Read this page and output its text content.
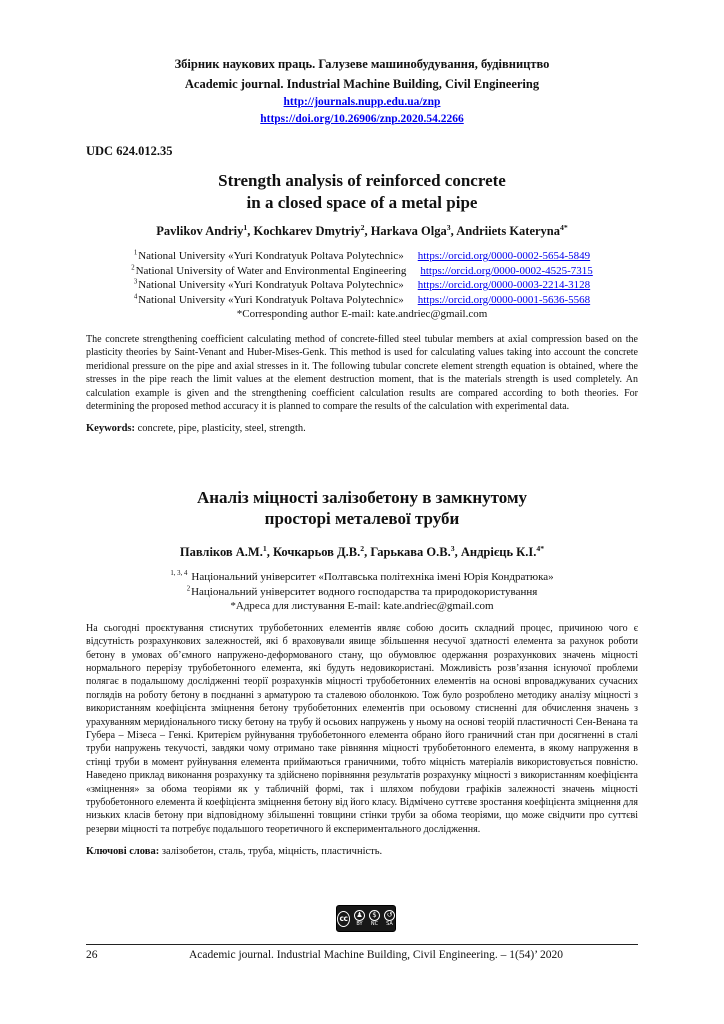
Збірник наукових праць. Галузеве машинобудування, будівництво

Academic journal. Industrial Machine Building, Civil Engineering

http://journals.nupp.edu.ua/znp
https://doi.org/10.26906/znp.2020.54.2266

UDC 624.012.35

Strength analysis of reinforced concrete
in a closed space of a metal pipe

Pavlikov Andriy$^1$, Kochkarev Dmytriy$^2$, Harkava Olga$^3$, Andriiets Kateryna$^{4*}$

$^1$National University «Yuri Kondratyuk Poltava Polytechnic» https://orcid.org/0000-0002-5654-5849
$^2$National University of Water and Environmental Engineering https://orcid.org/0000-0002-4525-7315
$^3$National University «Yuri Kondratyuk Poltava Polytechnic» https://orcid.org/0000-0003-2214-3128
$^4$National University «Yuri Kondratyuk Poltava Polytechnic» https://orcid.org/0000-0001-5636-5568

*Corresponding author E-mail: kate.andriec@gmail.com

The concrete strengthening coefficient calculating method of concrete-filled steel tubular members at axial compression based on the plasticity theories by Saint-Venant and Huber-Mises-Genk. This method is used for calculating values taking into account the concrete meridional pressure on the pipe and axial stresses in it. The following tubular concrete element strength equation is obtained, where the stresses in the pipe reach the limit values at the element destruction moment, that is the materials strength is used completely. An calculation example is given and the strengthening coefficient calculation results are compared according to both theories. For determining the proposed method accuracy it is planned to compare the results of the calculation with experimental data.

Keywords: concrete, pipe, plasticity, steel, strength.

Аналіз міцності залізобетону в замкнутому
просторі металевої труби

Павліков А.М.$^1$, Кочкарьов Д.В.$^2$, Гарькава О.В.$^3$, Андрієць К.І.$^{4*}$

$^{1, 3, 4}$ Національний університет «Полтавська політехніка імені Юрія Кондратюка»
$^2$Національний університет водного господарства та природокористування

*Адреса для листування E-mail: kate.andriec@gmail.com

На сьогодні проєктування стиснутих трубобетонних елементів являє собою досить складний процес, причиною чого є відсутність розрахункових залежностей, які б враховували явище збільшення несучої здатності елемента за рахунок роботи бетону в умовах об’ємного напружено-деформованого стану, що обумовлює одержання розрахункових значень міцності нормального перерізу трубобетонного елемента, які будуть недовикористані. Можливість розв’язання існуючої проблеми полягає в подальшому дослідженні теорії розрахунків міцності трубобетонних елементів на основі впроваджуваних сучасних поглядів на роботу бетону в поєднанні з арматурою та сталевою оболонкою. Тож було розроблено методику аналізу міцності з використанням коефіцієнта зміцнення бетону трубобетонних елементів при осьовому стисненні для обчислення значень з урахуванням меридіонального тиску бетону на трубу й осьових напружень у ньому на основі теорій пластичності Сен-Венана та Губера – Мізеса – Генкі. Критерієм руйнування трубобетонного елемента обрано його граничний стан при досягненні в сталі труби напружень текучості, завдяки чому отримано таке рівняння міцності трубобетонного елемента, в якому напруження в стінці труби в момент руйнування елемента приймаються граничними, тобто міцність матеріалів використовується повністю. Наведено приклад виконання розрахунку та здійснено порівняння результатів розрахунку міцності з використанням коефіцієнта «зміцнення» за обома теоріями як у табличній формі, так і шляхом побудови графіків залежності значень міцності трубобетонного елемента й коефіцієнта зміцнення бетону від його класу. Відмічено суттєве зростання коефіцієнта зміцнення для низьких класів бетону при відповідному збільшенні товщини стінки труби за обома теоріями, що може свідчити про суттєві резерви міцності та потребує подальшого теоретичного й експериментального дослідження.

Ключові слова: залізобетон, сталь, труба, міцність, пластичність.

cc	♟
BY
$
NC
↺
SA
26	Academic journal. Industrial Machine Building, Civil Engineering. – 1(54)’ 2020
